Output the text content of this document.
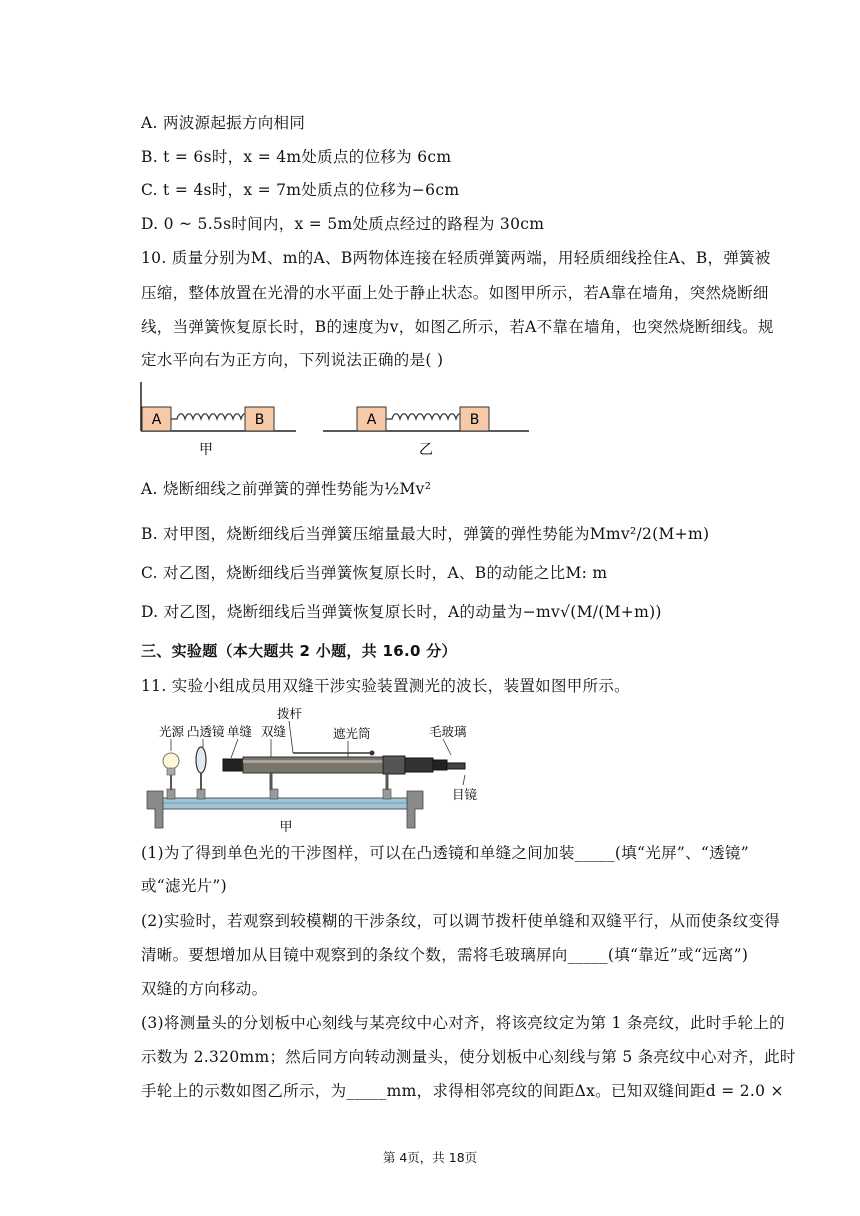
A. 两波源起振方向相同
B. t = 6s时，x = 4m处质点的位移为 6cm
C. t = 4s时，x = 7m处质点的位移为−6cm
D. 0 ~ 5.5s时间内，x = 5m处质点经过的路程为 30cm
10. 质量分别为M、m的A、B两物体连接在轻质弹簧两端，用轻质细线拴住A、B，弹簧被
压缩，整体放置在光滑的水平面上处于静止状态。如图甲所示，若A靠在墙角，突然烧断细
线，当弹簧恢复原长时，B的速度为v，如图乙所示，若A不靠在墙角，也突然烧断细线。规
定水平向右为正方向，下列说法正确的是( )
A	B
甲
A	B
乙
A. 烧断细线之前弹簧的弹性势能为½Mv²
B. 对甲图，烧断细线后当弹簧压缩量最大时，弹簧的弹性势能为Mmv²/2(M+m)
C. 对乙图，烧断细线后当弹簧恢复原长时，A、B的动能之比M: m
D. 对乙图，烧断细线后当弹簧恢复原长时，A的动量为−mv√(M/(M+m))
三、实验题（本大题共 2 小题，共 16.0 分）
11. 实验小组成员用双缝干涉实验装置测光的波长，装置如图甲所示。
光源 凸透镜 单缝 双缝
拨杆
遮光筒	毛玻璃
目镜
甲
(1)为了得到单色光的干涉图样，可以在凸透镜和单缝之间加装_____(填“光屏”、“透镜”
或“滤光片”)
(2)实验时，若观察到较模糊的干涉条纹，可以调节拨杆使单缝和双缝平行，从而使条纹变得
清晰。要想增加从目镜中观察到的条纹个数，需将毛玻璃屏向_____(填“靠近”或“远离”)
双缝的方向移动。
(3)将测量头的分划板中心刻线与某亮纹中心对齐，将该亮纹定为第 1 条亮纹，此时手轮上的
示数为 2.320mm；然后同方向转动测量头，使分划板中心刻线与第 5 条亮纹中心对齐，此时
手轮上的示数如图乙所示，为_____mm，求得相邻亮纹的间距Δx。已知双缝间距d = 2.0 ×
第 4页，共 18页
